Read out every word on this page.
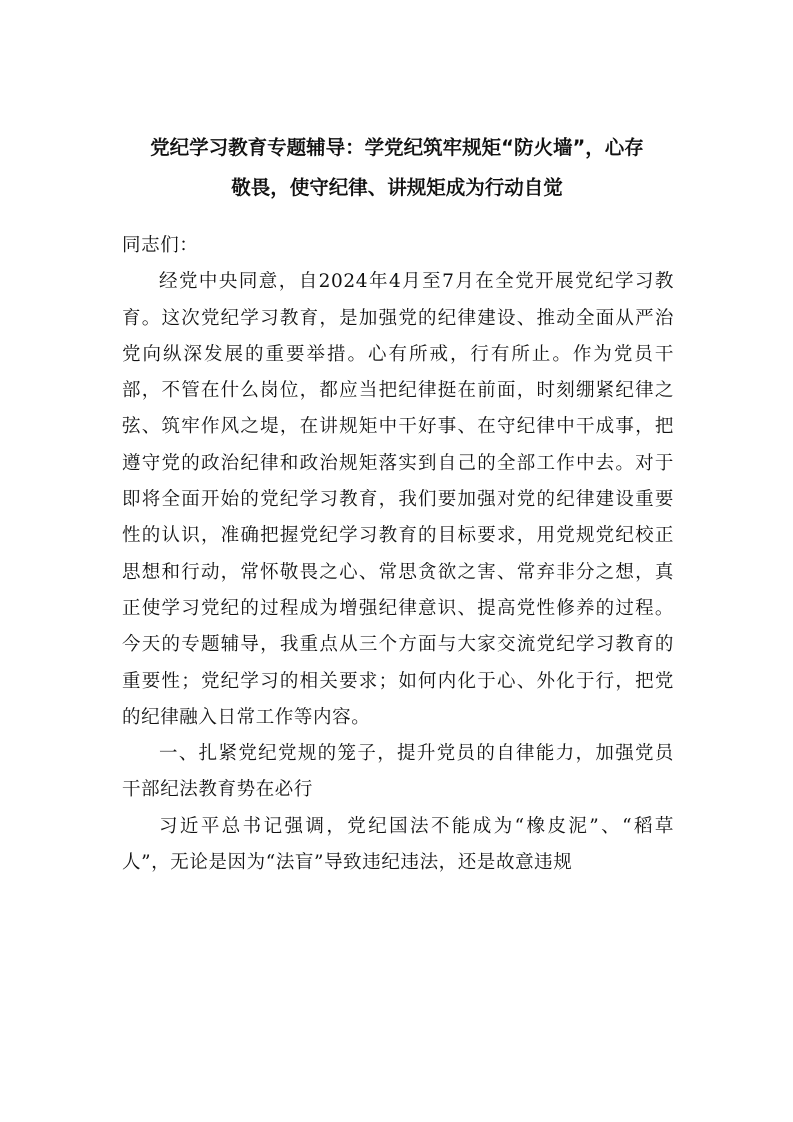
党纪学习教育专题辅导：学党纪筑牢规矩“防火墙”，心存
敬畏，使守纪律、讲规矩成为行动自觉

同志们：

经党中央同意，自2024年4月至7月在全党开展党纪学习教育。这次党纪学习教育，是加强党的纪律建设、推动全面从严治党向纵深发展的重要举措。心有所戒，行有所止。作为党员干部，不管在什么岗位，都应当把纪律挺在前面，时刻绷紧纪律之弦、筑牢作风之堤，在讲规矩中干好事、在守纪律中干成事，把遵守党的政治纪律和政治规矩落实到自己的全部工作中去。对于即将全面开始的党纪学习教育，我们要加强对党的纪律建设重要性的认识，准确把握党纪学习教育的目标要求，用党规党纪校正思想和行动，常怀敬畏之心、常思贪欲之害、常弃非分之想，真正使学习党纪的过程成为增强纪律意识、提高党性修养的过程。今天的专题辅导，我重点从三个方面与大家交流党纪学习教育的重要性；党纪学习的相关要求；如何内化于心、外化于行，把党的纪律融入日常工作等内容。

一、扎紧党纪党规的笼子，提升党员的自律能力，加强党员干部纪法教育势在必行

习近平总书记强调，党纪国法不能成为“橡皮泥”、“稻草人”，无论是因为“法盲”导致违纪违法，还是故意违规
